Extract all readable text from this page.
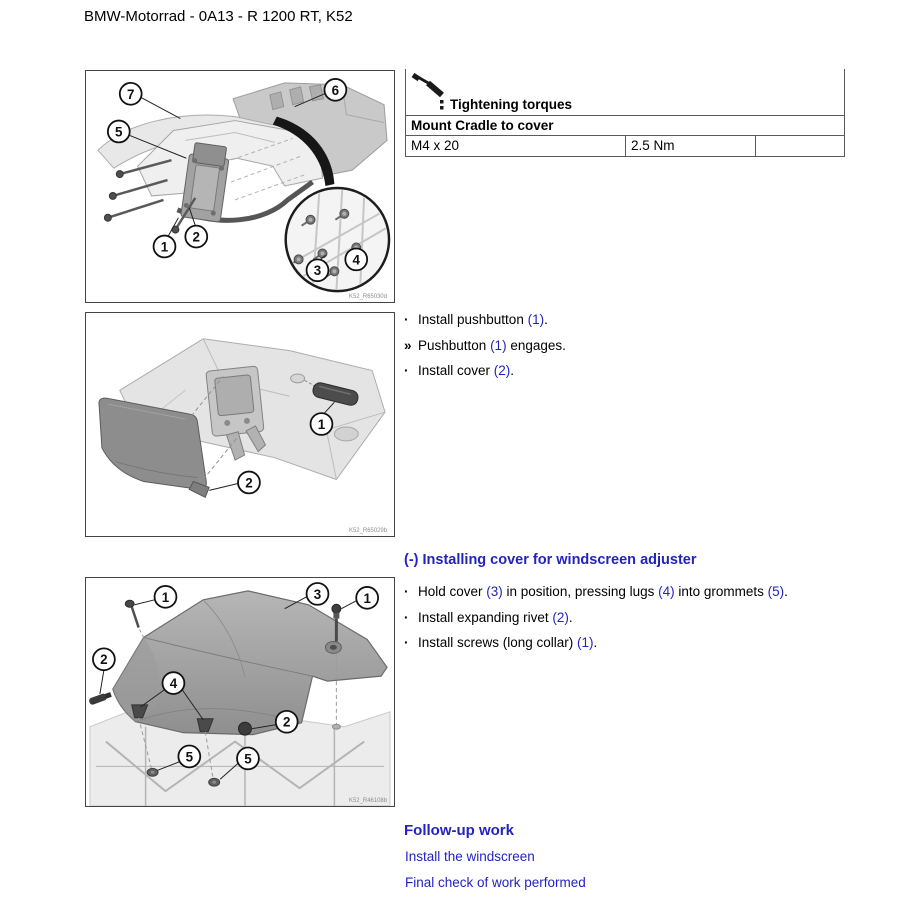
BMW-Motorrad - 0A13 - R 1200 RT, K52
7	6
5
1
2
3
4
K52_R65030d
1
2
K52_R65029b
1	3	1
2
4
2
5	5
K52_R46108b
Tightening torques
Mount Cradle to cover
M4 x 20	2.5 Nm
· Install pushbutton (1).
» Pushbutton (1) engages.
· Install cover (2).
(-) Installing cover for windscreen adjuster
· Hold cover (3) in position, pressing lugs (4) into grommets (5).
· Install expanding rivet (2).
· Install screws (long collar) (1).
Follow-up work
Install the windscreen
Final check of work performed
